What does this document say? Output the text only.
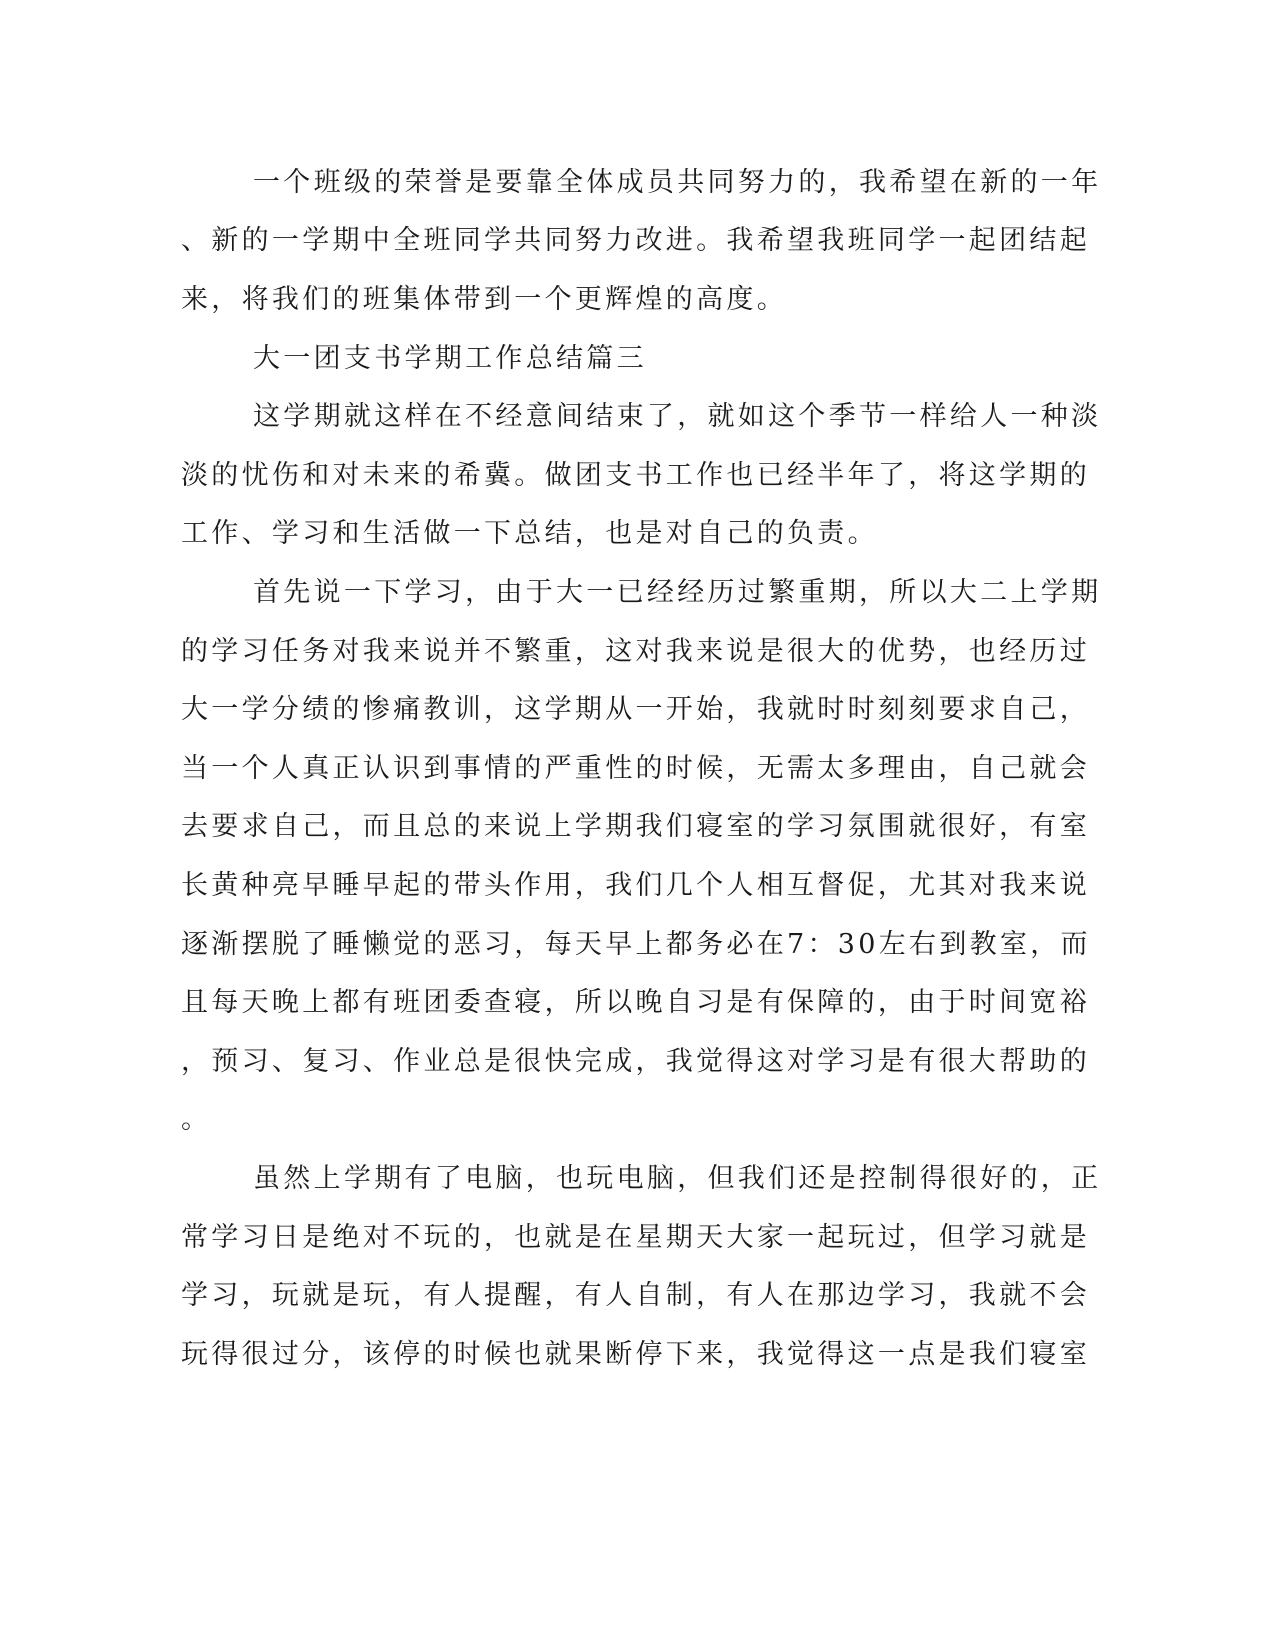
一个班级的荣誉是要靠全体成员共同努力的，我希望在新的一年
、新的一学期中全班同学共同努力改进。我希望我班同学一起团结起
来，将我们的班集体带到一个更辉煌的高度。
大一团支书学期工作总结篇三
这学期就这样在不经意间结束了，就如这个季节一样给人一种淡
淡的忧伤和对未来的希冀。做团支书工作也已经半年了，将这学期的
工作、学习和生活做一下总结，也是对自己的负责。
首先说一下学习，由于大一已经经历过繁重期，所以大二上学期
的学习任务对我来说并不繁重，这对我来说是很大的优势，也经历过
大一学分绩的惨痛教训，这学期从一开始，我就时时刻刻要求自己，
当一个人真正认识到事情的严重性的时候，无需太多理由，自己就会
去要求自己，而且总的来说上学期我们寝室的学习氛围就很好，有室
长黄种亮早睡早起的带头作用，我们几个人相互督促，尤其对我来说
逐渐摆脱了睡懒觉的恶习，每天早上都务必在7：30左右到教室，而
且每天晚上都有班团委查寝，所以晚自习是有保障的，由于时间宽裕
，预习、复习、作业总是很快完成，我觉得这对学习是有很大帮助的
。
虽然上学期有了电脑，也玩电脑，但我们还是控制得很好的，正
常学习日是绝对不玩的，也就是在星期天大家一起玩过，但学习就是
学习，玩就是玩，有人提醒，有人自制，有人在那边学习，我就不会
玩得很过分，该停的时候也就果断停下来，我觉得这一点是我们寝室
